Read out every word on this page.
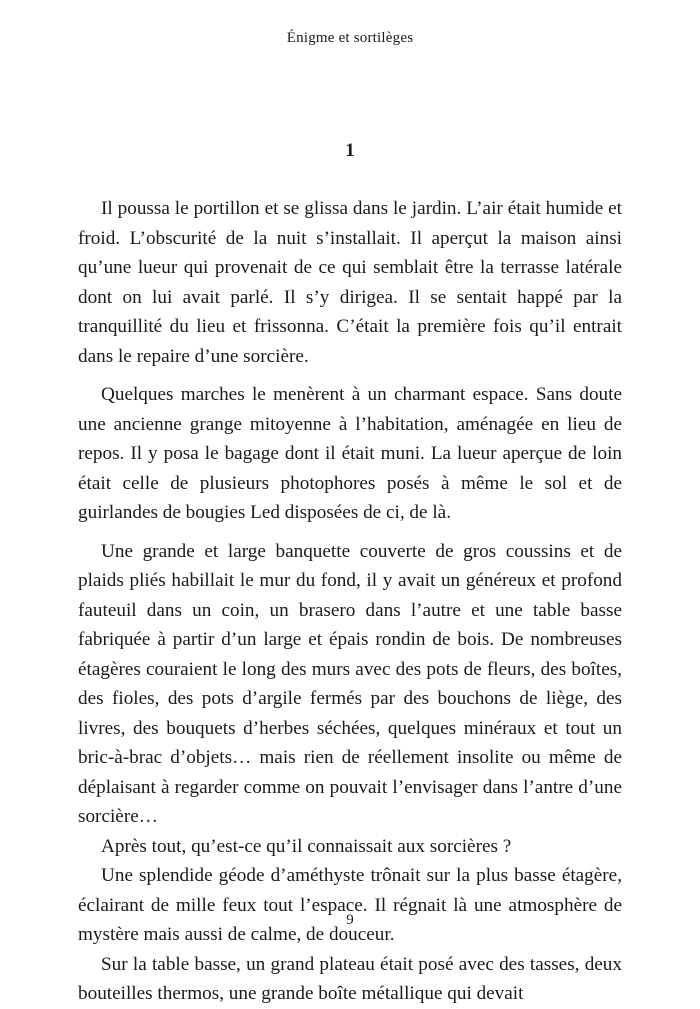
Énigme et sortilèges
1

Il poussa le portillon et se glissa dans le jardin. L’air était humide et froid. L’obscurité de la nuit s’installait. Il aperçut la maison ainsi qu’une lueur qui provenait de ce qui semblait être la terrasse latérale dont on lui avait parlé. Il s’y dirigea. Il se sentait happé par la tranquillité du lieu et frissonna. C’était la première fois qu’il entrait dans le repaire d’une sorcière.

Quelques marches le menèrent à un charmant espace. Sans doute une ancienne grange mitoyenne à l’habitation, aménagée en lieu de repos. Il y posa le bagage dont il était muni. La lueur aperçue de loin était celle de plusieurs photophores posés à même le sol et de guirlandes de bougies Led disposées de ci, de là.

Une grande et large banquette couverte de gros coussins et de plaids pliés habillait le mur du fond, il y avait un généreux et profond fauteuil dans un coin, un brasero dans l’autre et une table basse fabriquée à partir d’un large et épais rondin de bois. De nombreuses étagères couraient le long des murs avec des pots de fleurs, des boîtes, des fioles, des pots d’argile fermés par des bouchons de liège, des livres, des bouquets d’herbes séchées, quelques minéraux et tout un bric-à-brac d’objets… mais rien de réellement insolite ou même de déplaisant à regarder comme on pouvait l’envisager dans l’antre d’une sorcière…

Après tout, qu’est-ce qu’il connaissait aux sorcières ?

Une splendide géode d’améthyste trônait sur la plus basse étagère, éclairant de mille feux tout l’espace. Il régnait là une atmosphère de mystère mais aussi de calme, de douceur.

Sur la table basse, un grand plateau était posé avec des tasses, deux bouteilles thermos, une grande boîte métallique qui devait

9
